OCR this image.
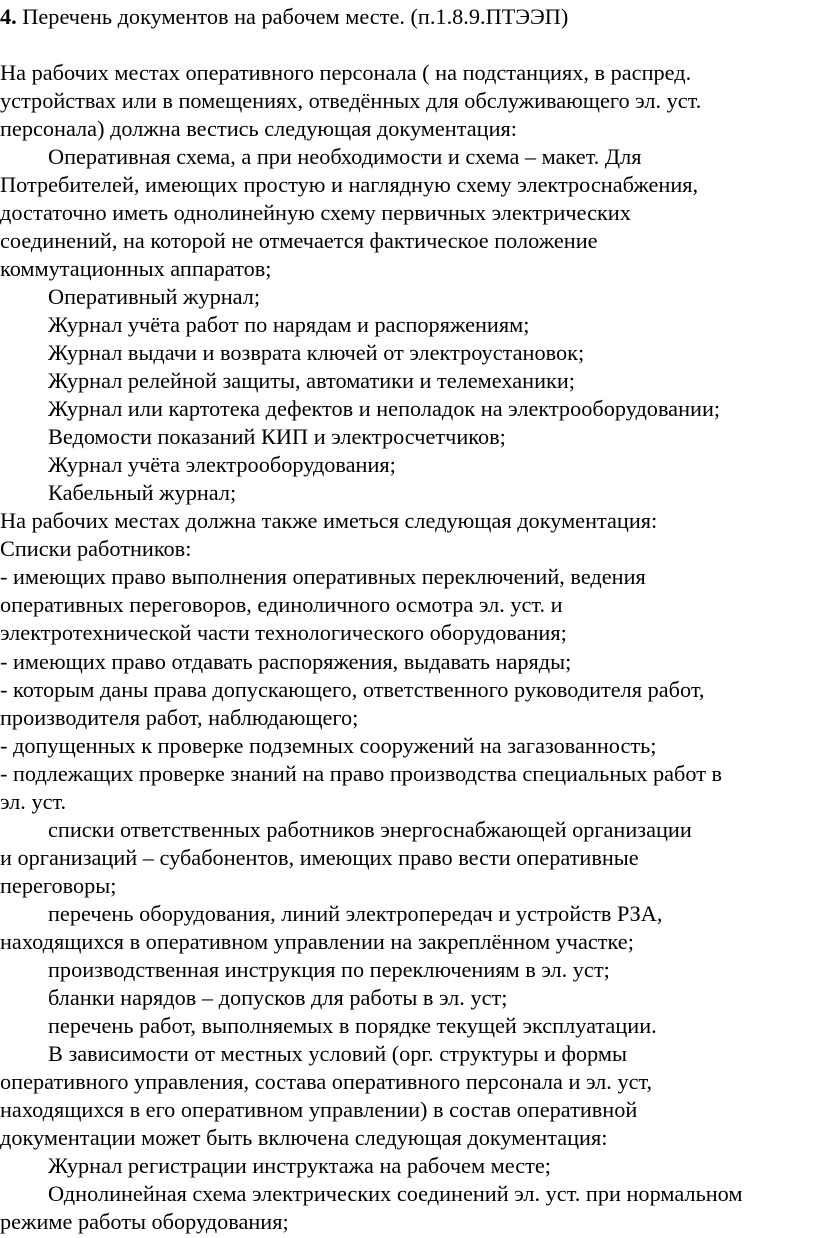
4. Перечень документов на рабочем месте. (п.1.8.9.ПТЭЭП)
На рабочих местах оперативного персонала ( на подстанциях, в распред.
устройствах или в помещениях, отведённых для обслуживающего эл. уст.
персонала) должна вестись следующая документация:
Оперативная схема, а при необходимости и схема – макет. Для
Потребителей, имеющих простую и наглядную схему электроснабжения,
достаточно иметь однолинейную схему первичных электрических
соединений, на которой не отмечается фактическое положение
коммутационных аппаратов;
Оперативный журнал;
Журнал учёта работ по нарядам и распоряжениям;
Журнал выдачи и возврата ключей от электроустановок;
Журнал релейной защиты, автоматики и телемеханики;
Журнал или картотека дефектов и неполадок на электрооборудовании;
Ведомости показаний КИП и электросчетчиков;
Журнал учёта электрооборудования;
Кабельный журнал;
На рабочих местах должна также иметься следующая документация:
Списки работников:
- имеющих право выполнения оперативных переключений, ведения
оперативных переговоров, единоличного осмотра эл. уст. и
электротехнической части технологического оборудования;
- имеющих право отдавать распоряжения, выдавать наряды;
- которым даны права допускающего, ответственного руководителя работ,
производителя работ, наблюдающего;
- допущенных к проверке подземных сооружений на загазованность;
- подлежащих проверке знаний на право производства специальных работ в
эл. уст.
списки ответственных работников энергоснабжающей организации
и организаций – субабонентов, имеющих право вести оперативные
переговоры;
перечень оборудования, линий электропередач и устройств РЗА,
находящихся в оперативном управлении на закреплённом участке;
производственная инструкция по переключениям в эл. уст;
бланки нарядов – допусков для работы в эл. уст;
перечень работ, выполняемых в порядке текущей эксплуатации.
В зависимости от местных условий (орг. структуры и формы
оперативного управления, состава оперативного персонала и эл. уст,
находящихся в его оперативном управлении) в состав оперативной
документации может быть включена следующая документация:
Журнал регистрации инструктажа на рабочем месте;
Однолинейная схема электрических соединений эл. уст. при нормальном
режиме работы оборудования;
